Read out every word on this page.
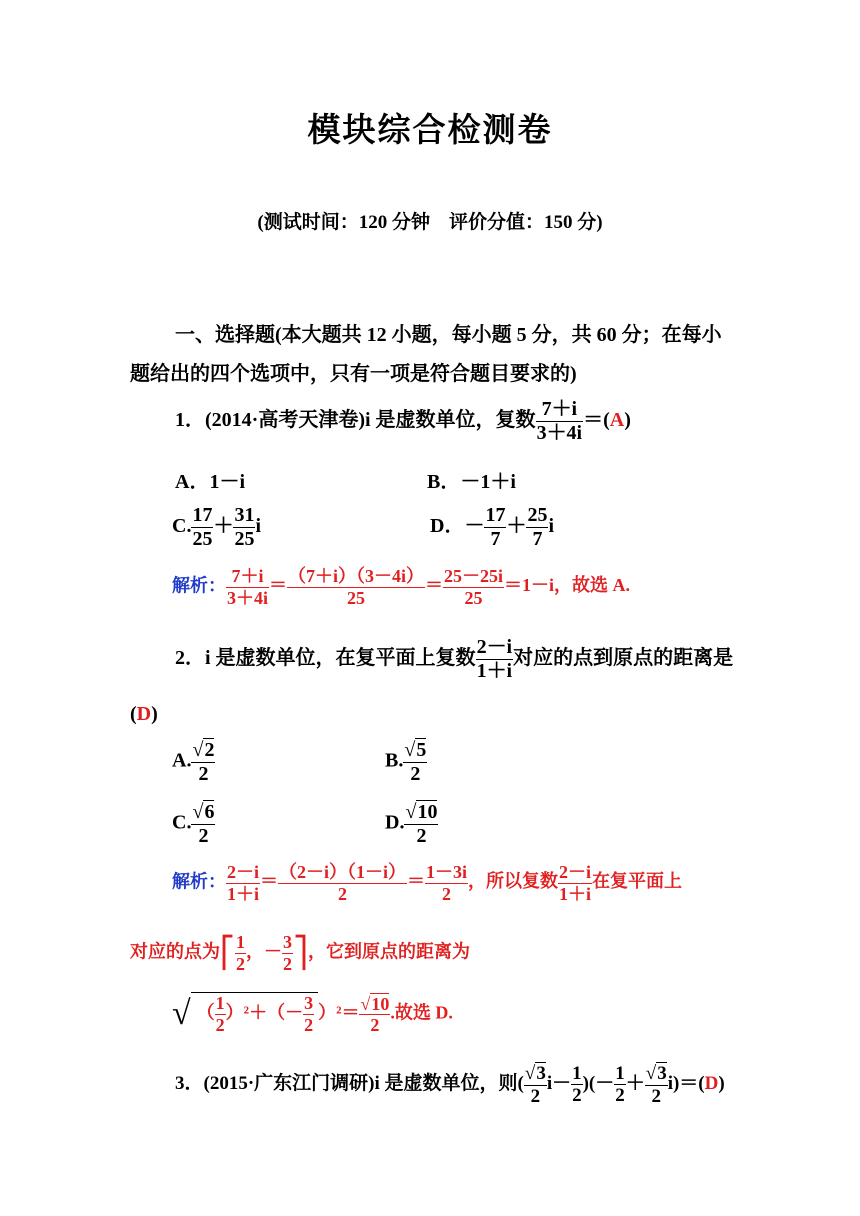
模块综合检测卷
(测试时间：120 分钟　评价分值：150 分)
一、选择题(本大题共 12 小题，每小题 5 分，共 60 分；在每小
题给出的四个选项中，只有一项是符合题目要求的)
1．(2014·高考天津卷)i 是虚数单位，复数 $\frac{7+i}{3+4i} =(A)$
A．1－i	B．－1＋i
C. $\frac{17}{25} + \frac{31}{25}$ i	D．－ $\frac{17}{7} + \frac{25}{7}$ i
解析： $\frac{7+i}{3+4i} = \frac{(7+i)(3-4i)}{25} = \frac{25-25i}{25} =1-i$，故选 A.
2．i 是虚数单位，在复平面上复数 $\frac{2-i}{1+i}$ 对应的点到原点的距离是
(D)
A. $\frac{√2}{2}$	B. $\frac{√5}{2}$
C. $\frac{√6}{2}$	D. $\frac{√10}{2}$
解析： $\frac{2-i}{1+i} = \frac{(2-i)(1-i)}{2} = \frac{1-3i}{2}$ ，所以复数 $\frac{2-i}{1+i}$ 在复平面上
对应的点为⎡ $\frac{1}{2}$ ，－ $\frac{3}{2}$ ⎤，它到原点的距离为
√ （ $\frac{1}{2} )^2+(- \frac{3}{2} )^2= \frac{√10}{2}$ .故选 D.
3．(2015·广东江门调研)i 是虚数单位，则( $\frac{√3}{2} i- \frac{1}{2}$ )(－ $\frac{1}{2} + \frac{√3}{2} i)=(D)$
